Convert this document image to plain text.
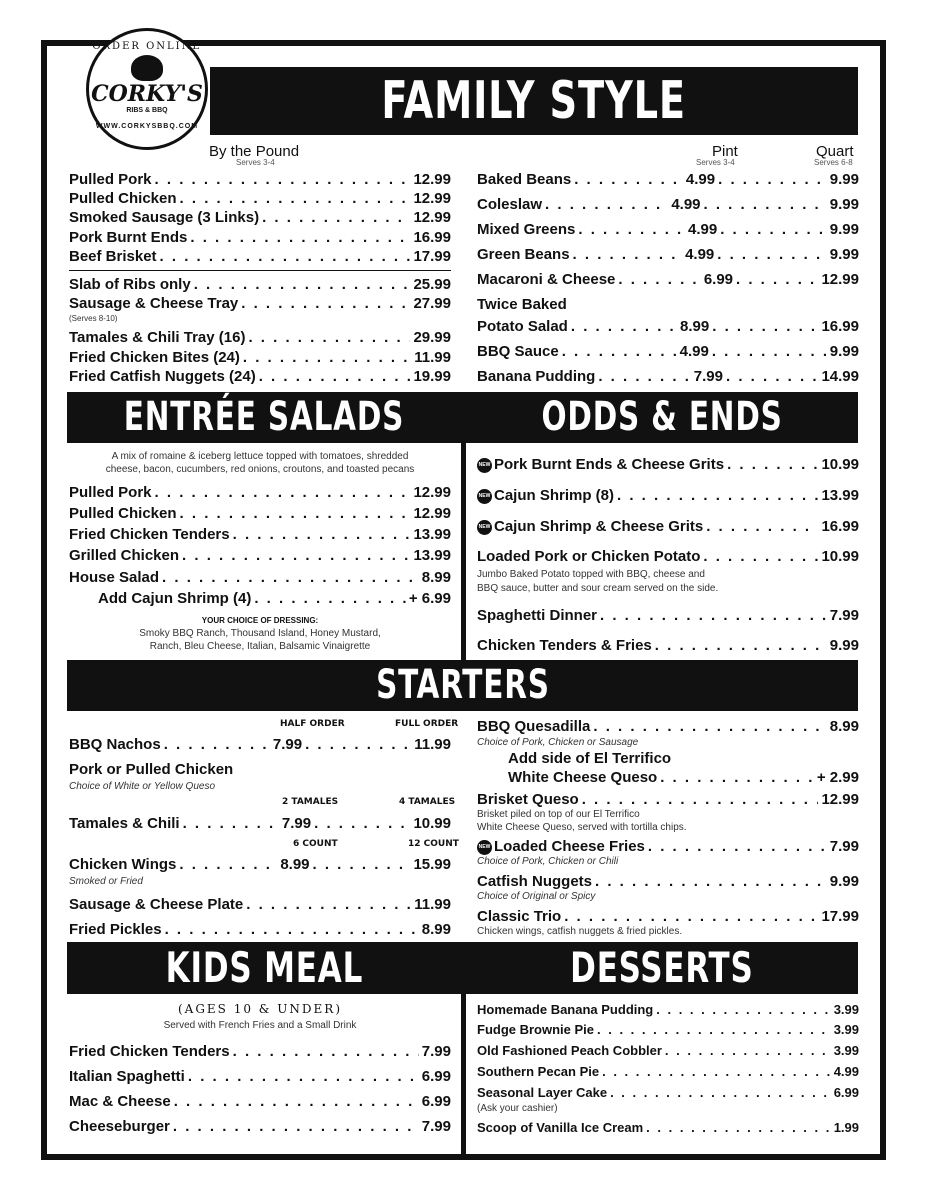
FAMILY STYLE
ORDER ONLINE
CORKY'S
RIBS & BBQ
WWW.CORKYSBBQ.COM
By the Pound
Serves 3-4
Pint
Serves 3-4
Quart
Serves 6-8
Pulled Pork . . .	12.99
Pulled Chicken . . .	12.99
Smoked Sausage (3 Links) . . .	12.99
Pork Burnt Ends . . .	16.99
Beef Brisket . . .	17.99
Slab of Ribs only . . .	25.99
Sausage & Cheese Tray . . .	27.99
(Serves 8-10)
Tamales & Chili Tray (16) . . .	29.99
Fried Chicken Bites (24) . . .	11.99
Fried Catfish Nuggets (24) . . .	19.99
Baked Beans . . .	4.99 . . .	9.99
Coleslaw . . .	4.99 . . .	9.99
Mixed Greens . . .	4.99 . . .	9.99
Green Beans . . .	4.99 . . .	9.99
Macaroni & Cheese . . .	6.99 . . .	12.99
Twice Baked
Potato Salad . . .	8.99 . . .	16.99
BBQ Sauce . . .	4.99 . . .	9.99
Banana Pudding . . .	7.99 . . .	14.99
ENTRÉE SALADS	ODDS & ENDS
A mix of romaine & iceberg lettuce topped with tomatoes, shredded
cheese, bacon, cucumbers, red onions, croutons, and toasted pecans
Pulled Pork . . .	12.99
Pulled Chicken . . .	12.99
Fried Chicken Tenders . . .	13.99
Grilled Chicken . . .	13.99
House Salad . . .	8.99
Add Cajun Shrimp (4) . . .	+ 6.99
YOUR CHOICE OF DRESSING:
Smoky BBQ Ranch, Thousand Island, Honey Mustard,
Ranch, Bleu Cheese, Italian, Balsamic Vinaigrette
NEW Pork Burnt Ends & Cheese Grits . . .	10.99
NEW Cajun Shrimp (8) . . .	13.99
NEW Cajun Shrimp & Cheese Grits . . .	16.99
Loaded Pork or Chicken Potato . . .	10.99
Jumbo Baked Potato topped with BBQ, cheese and
BBQ sauce, butter and sour cream served on the side.
Spaghetti Dinner . . .	7.99
Chicken Tenders & Fries . . .	9.99
STARTERS
HALF ORDER	FULL ORDER
BBQ Nachos . . .	7.99 . . .	11.99
Pork or Pulled Chicken
Choice of White or Yellow Queso
2 TAMALES	4 TAMALES
Tamales & Chili . . .	7.99 . . .	10.99
6 COUNT	12 COUNT
Chicken Wings . . .	8.99 . . .	15.99
Smoked or Fried
Sausage & Cheese Plate . . .	11.99
Fried Pickles . . .	8.99
BBQ Quesadilla . . .	8.99
Choice of Pork, Chicken or Sausage
Add side of El Terrifico
White Cheese Queso . . .	+ 2.99
Brisket Queso . . .	12.99
Brisket piled on top of our El Terrifico
White Cheese Queso, served with tortilla chips.
NEW Loaded Cheese Fries . . .	7.99
Choice of Pork, Chicken or Chili
Catfish Nuggets . . .	9.99
Choice of Original or Spicy
Classic Trio . . .	17.99
Chicken wings, catfish nuggets & fried pickles.
KIDS MEAL	DESSERTS
(AGES 10 & UNDER)
Served with French Fries and a Small Drink
Fried Chicken Tenders . . .	7.99
Italian Spaghetti . . .	6.99
Mac & Cheese . . .	6.99
Cheeseburger . . .	7.99
Homemade Banana Pudding . . .	3.99
Fudge Brownie Pie . . .	3.99
Old Fashioned Peach Cobbler . . .	3.99
Southern Pecan Pie . . .	4.99
Seasonal Layer Cake . . .	6.99
(Ask your cashier)
Scoop of Vanilla Ice Cream . . .	1.99
